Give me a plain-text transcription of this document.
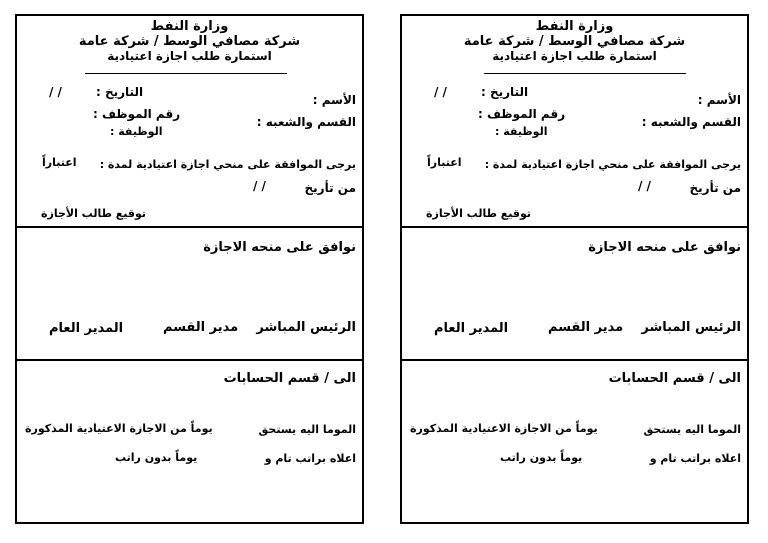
وزارة النفط
شركة مصافي الوسط / شركة عامة
استمارة طلب اجازة اعتيادية
الأسم :
التاريخ :
/ /
رقم الموظف :
القسم والشعبه :
الوظيفة :
يرجى الموافقة على منحي اجازة اعتيادية لمدة :
اعتباراً
من تأريخ
/ /
توقيع طالب الأجازة
نوافق على منحه الاجازة
الرئيس المباشر
مدير القسم
المدير العام
الى / قسم الحسابات
الموما اليه يستحق
يوماً من الاجازة الاعتيادية المذكورة
اعلاه براتب تام و
يوماً بدون راتب
وزارة النفط
شركة مصافي الوسط / شركة عامة
استمارة طلب اجازة اعتيادية
الأسم :
التاريخ :
/ /
رقم الموظف :
القسم والشعبه :
الوظيفة :
يرجى الموافقة على منحي اجازة اعتيادية لمدة :
اعتباراً
من تأريخ
/ /
توقيع طالب الأجازة
نوافق على منحه الاجازة
الرئيس المباشر
مدير القسم
المدير العام
الى / قسم الحسابات
الموما اليه يستحق
يوماً من الاجازة الاعتيادية المذكورة
اعلاه براتب تام و
يوماً بدون راتب
